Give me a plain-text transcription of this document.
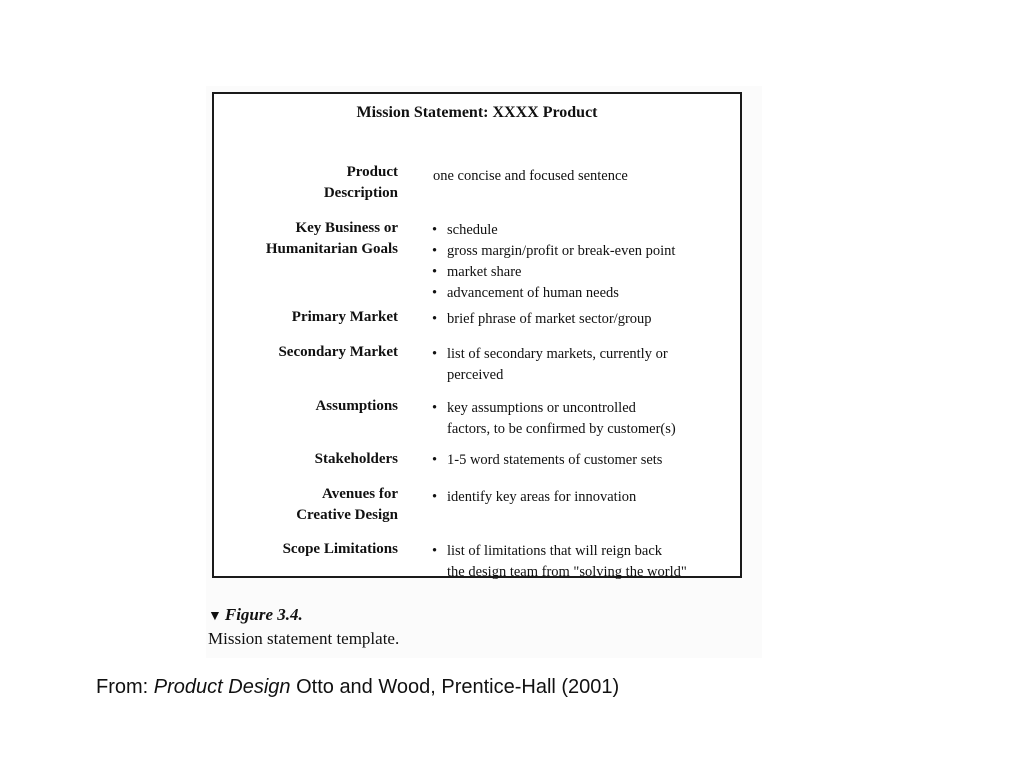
Mission Statement: XXXX Product
Product
Description
one concise and focused sentence
Key Business or
Humanitarian Goals
• schedule
• gross margin/profit or break-even point
• market share
• advancement of human needs
Primary Market • brief phrase of market sector/group
Secondary Market • list of secondary markets, currently or
perceived
Assumptions • key assumptions or uncontrolled
factors, to be confirmed by customer(s)
Stakeholders • 1-5 word statements of customer sets
Avenues for
Creative Design
• identify key areas for innovation
Scope Limitations • list of limitations that will reign back
the design team from "solving the world"
▼ Figure 3.4.
Mission statement template.
From: Product Design Otto and Wood, Prentice-Hall (2001)
